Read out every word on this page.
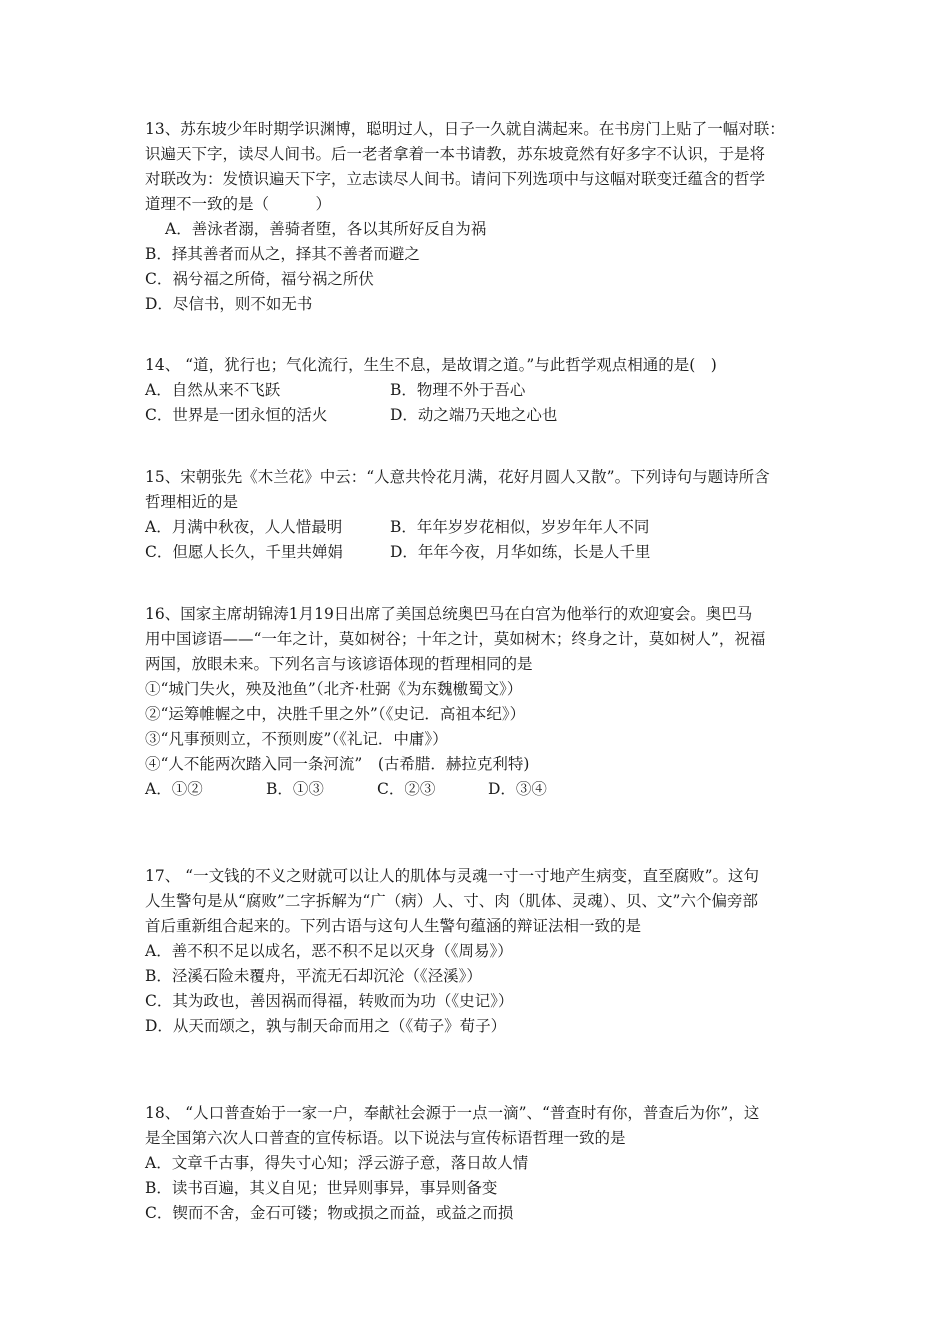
13、苏东坡少年时期学识渊博，聪明过人，日子一久就自满起来。在书房门上贴了一幅对联：
识遍天下字，读尽人间书。后一老者拿着一本书请教，苏东坡竟然有好多字不认识，于是将
对联改为：发愤识遍天下字，立志读尽人间书。请问下列选项中与这幅对联变迁蕴含的哲学
道理不一致的是（　　　）
A．善泳者溺，善骑者堕，各以其所好反自为祸
B．择其善者而从之，择其不善者而避之
C．祸兮福之所倚，福兮祸之所伏
D．尽信书，则不如无书
14、 “道，犹行也；气化流行，生生不息，是故谓之道。”与此哲学观点相通的是(　)
A．自然从来不飞跃	B．物理不外于吾心
C．世界是一团永恒的活火	D．动之端乃天地之心也
15、宋朝张先《木兰花》中云：“人意共怜花月满，花好月圆人又散”。下列诗句与题诗所含
哲理相近的是
A．月满中秋夜，人人惜最明	B．年年岁岁花相似，岁岁年年人不同
C．但愿人长久，千里共婵娟	D．年年今夜，月华如练，长是人千里
16、国家主席胡锦涛1月19日出席了美国总统奥巴马在白宫为他举行的欢迎宴会。奥巴马
用中国谚语——“一年之计，莫如树谷；十年之计，莫如树木；终身之计，莫如树人”，祝福
两国，放眼未来。下列名言与该谚语体现的哲理相同的是
①“城门失火，殃及池鱼”（北齐·杜弼《为东魏檄蜀文》）
②“运筹帷幄之中，决胜千里之外”（《史记．高祖本纪》）
③“凡事预则立，不预则废”（《礼记．中庸》）
④“人不能两次踏入同一条河流”　(古希腊．赫拉克利特)
A．①②	B．①③	C．②③	D．③④
17、 “一文钱的不义之财就可以让人的肌体与灵魂一寸一寸地产生病变，直至腐败”。这句
人生警句是从“腐败”二字拆解为“广（病）人、寸、肉（肌体、灵魂）、贝、文”六个偏旁部
首后重新组合起来的。下列古语与这句人生警句蕴涵的辩证法相一致的是
A．善不积不足以成名，恶不积不足以灭身（《周易》）
B．泾溪石险未覆舟，平流无石却沉沦（《泾溪》）
C．其为政也，善因祸而得福，转败而为功（《史记》）
D．从天而颂之，孰与制天命而用之（《荀子》荀子）
18、 “人口普查始于一家一户，奉献社会源于一点一滴”、“普查时有你，普查后为你”，这
是全国第六次人口普查的宣传标语。以下说法与宣传标语哲理一致的是
A．文章千古事，得失寸心知；浮云游子意，落日故人情
B．读书百遍，其义自见；世异则事异，事异则备变
C．锲而不舍，金石可镂；物或损之而益，或益之而损
